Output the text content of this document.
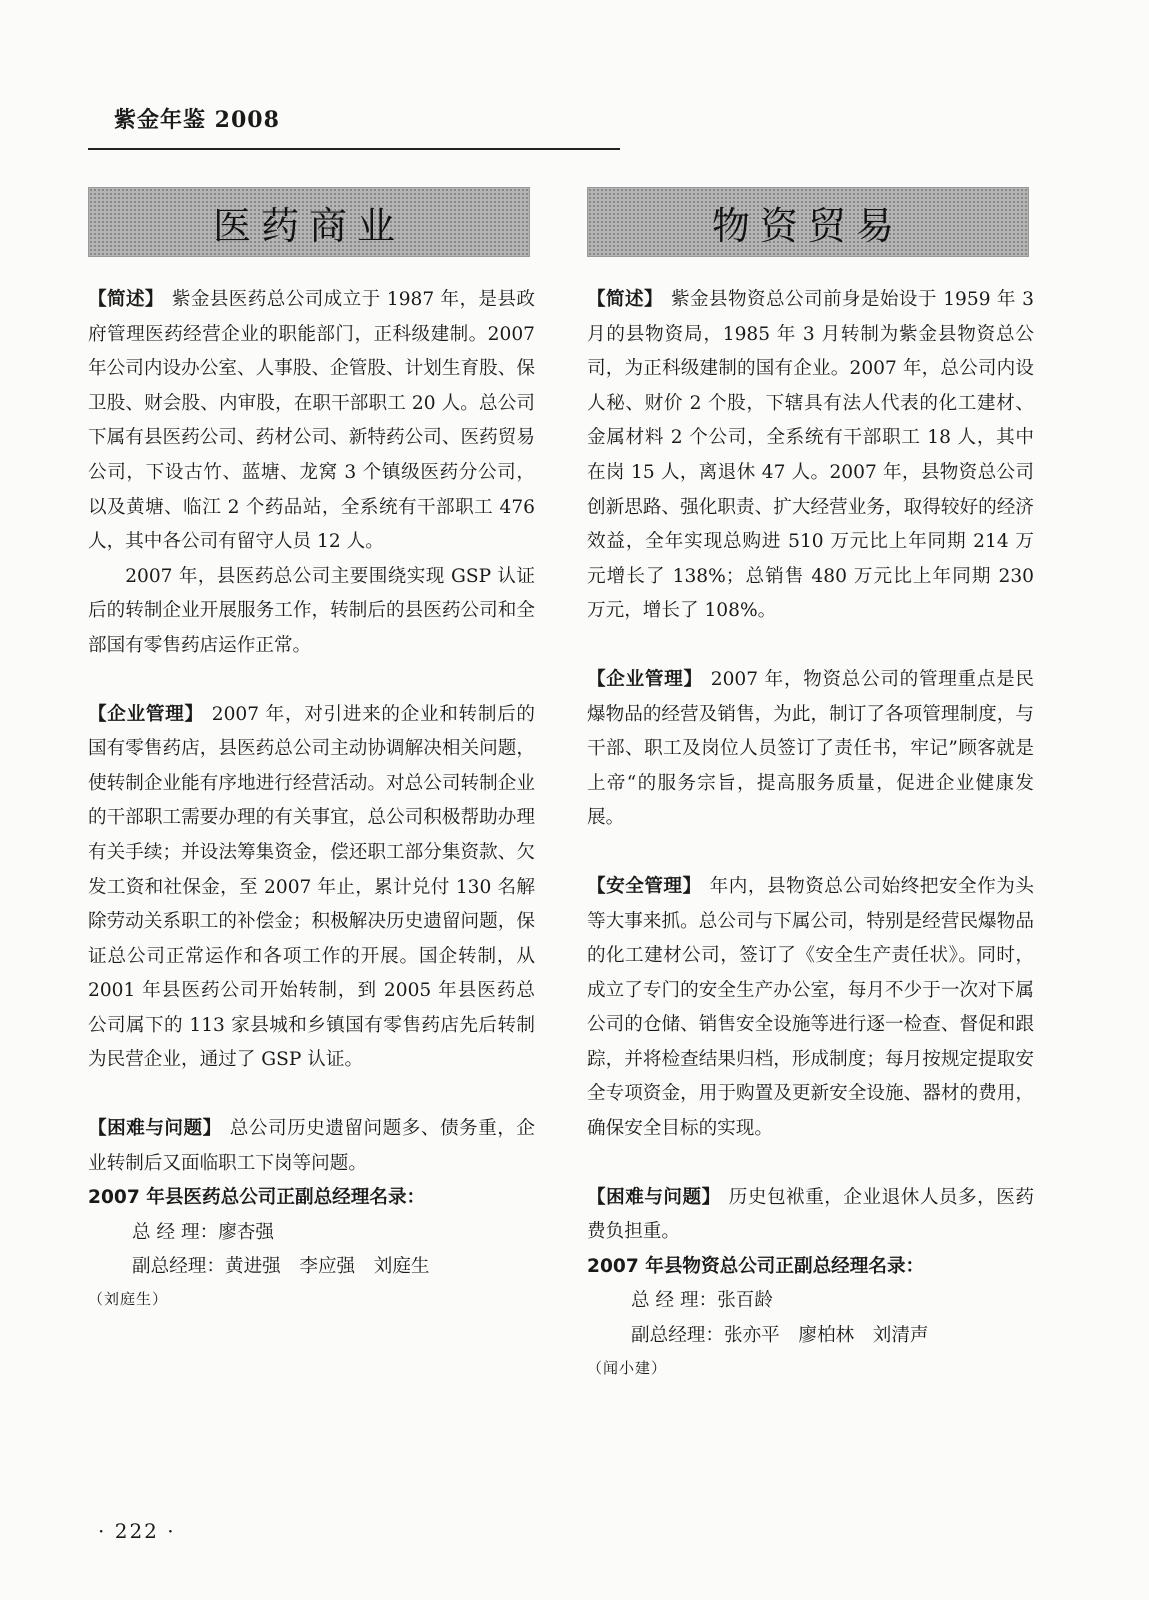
紫金年鉴 2008
医药商业	物资贸易

【简述】 紫金县医药总公司成立于 1987 年，是县政府管理医药经营企业的职能部门，正科级建制。2007 年公司内设办公室、人事股、企管股、计划生育股、保卫股、财会股、内审股，在职干部职工 20 人。总公司下属有县医药公司、药材公司、新特药公司、医药贸易公司，下设古竹、蓝塘、龙窝 3 个镇级医药分公司，以及黄塘、临江 2 个药品站，全系统有干部职工 476 人，其中各公司有留守人员 12 人。

2007 年，县医药总公司主要围绕实现 GSP 认证后的转制企业开展服务工作，转制后的县医药公司和全部国有零售药店运作正常。

【企业管理】 2007 年，对引进来的企业和转制后的国有零售药店，县医药总公司主动协调解决相关问题，使转制企业能有序地进行经营活动。对总公司转制企业的干部职工需要办理的有关事宜，总公司积极帮助办理有关手续；并设法筹集资金，偿还职工部分集资款、欠发工资和社保金，至 2007 年止，累计兑付 130 名解除劳动关系职工的补偿金；积极解决历史遗留问题，保证总公司正常运作和各项工作的开展。国企转制，从 2001 年县医药公司开始转制，到 2005 年县医药总公司属下的 113 家县城和乡镇国有零售药店先后转制为民营企业，通过了 GSP 认证。

【困难与问题】 总公司历史遗留问题多、债务重，企业转制后又面临职工下岗等问题。

2007 年县医药总公司正副总经理名录：

总 经 理：廖杏强

副总经理：黄进强　李应强　刘庭生

（刘庭生）

【简述】 紫金县物资总公司前身是始设于 1959 年 3 月的县物资局，1985 年 3 月转制为紫金县物资总公司，为正科级建制的国有企业。2007 年，总公司内设人秘、财价 2 个股，下辖具有法人代表的化工建材、金属材料 2 个公司，全系统有干部职工 18 人，其中在岗 15 人，离退休 47 人。2007 年，县物资总公司创新思路、强化职责、扩大经营业务，取得较好的经济效益，全年实现总购进 510 万元比上年同期 214 万元增长了 138%；总销售 480 万元比上年同期 230 万元，增长了 108%。

【企业管理】 2007 年，物资总公司的管理重点是民爆物品的经营及销售，为此，制订了各项管理制度，与干部、职工及岗位人员签订了责任书，牢记”顾客就是上帝“的服务宗旨，提高服务质量，促进企业健康发展。

【安全管理】 年内，县物资总公司始终把安全作为头等大事来抓。总公司与下属公司，特别是经营民爆物品的化工建材公司，签订了《安全生产责任状》。同时，成立了专门的安全生产办公室，每月不少于一次对下属公司的仓储、销售安全设施等进行逐一检查、督促和跟踪，并将检查结果归档，形成制度；每月按规定提取安全专项资金，用于购置及更新安全设施、器材的费用，确保安全目标的实现。

【困难与问题】 历史包袱重，企业退休人员多，医药费负担重。

2007 年县物资总公司正副总经理名录：

总 经 理：张百龄

副总经理：张亦平　廖柏林　刘清声

（闻小建）

· 222 ·
